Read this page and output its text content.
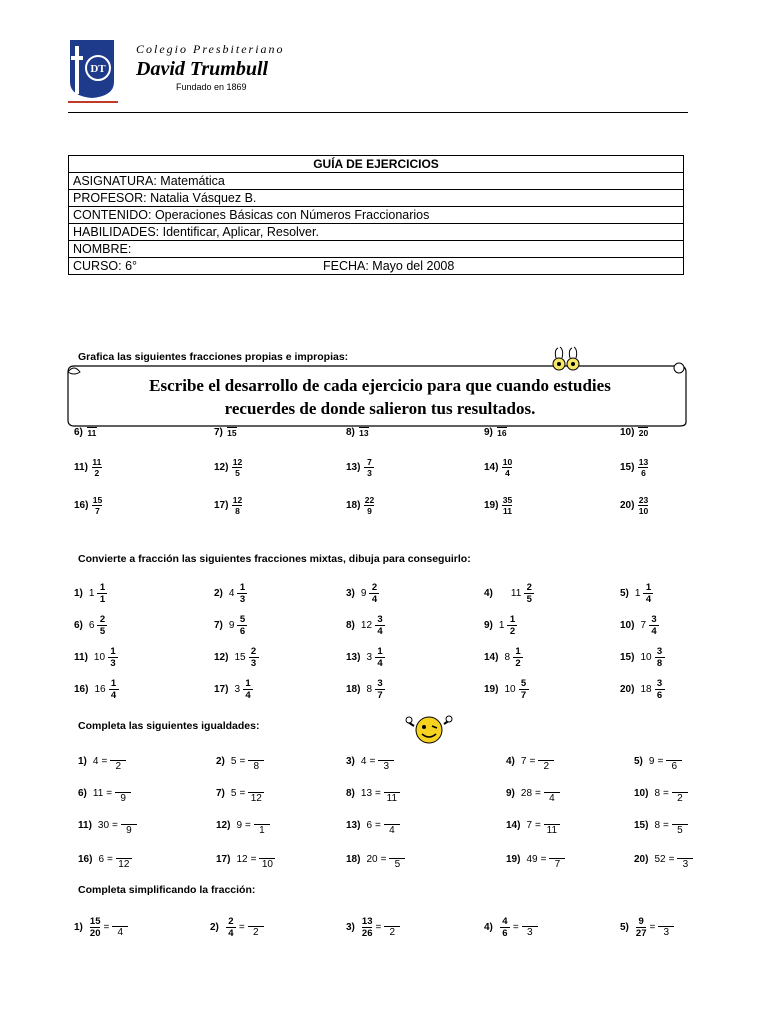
DT
Colegio Presbiteriano
David Trumbull
Fundado en 1869
GUÍA DE EJERCICIOS
ASIGNATURA: Matemática
PROFESOR: Natalia Vásquez B.
CONTENIDO: Operaciones Básicas con Números Fraccionarios
HABILIDADES: Identificar, Aplicar, Resolver.
NOMBRE:
CURSO: 6°	FECHA: Mayo del 2008
Grafica las siguientes fracciones propias e impropias:
6) 11	7) 15	8) 13	9) 16	10) 20
Escribe el desarrollo de cada ejercicio para que cuando estudies
recuerdes de donde salieron tus resultados.
$11) \frac{11}{2}$	$12) \frac{12}{5}$	$13) \frac{7}{3}$	$14) \frac{10}{4}$	$15) \frac{13}{6}$
$16) \frac{15}{7}$	$17) \frac{12}{8}$	$18) \frac{22}{9}$	$19) \frac{35}{11}$	$20) \frac{23}{10}$
Convierte a fracción las siguientes fracciones mixtas, dibuja para conseguirlo:
1) $1 \frac{1}{1}$	2) $4 \frac{1}{3}$	3) $9 \frac{2}{4}$	4) $11 \frac{2}{5}$	5) $1 \frac{1}{4}$
6) $6 \frac{2}{5}$	7) $9 \frac{5}{6}$	8) $12 \frac{3}{4}$	9) $1 \frac{1}{2}$	10) $7 \frac{3}{4}$
11) $10 \frac{1}{3}$	12) $15 \frac{2}{3}$	13) $3 \frac{1}{4}$	14) $8 \frac{1}{2}$	15) $10 \frac{3}{8}$
16) $16 \frac{1}{4}$	17) $3 \frac{1}{4}$	18) $8 \frac{3}{7}$	19) $10 \frac{5}{7}$	20) $18 \frac{3}{6}$
Completa las siguientes igualdades:
1) 4 = 2	2) 5 = 8	3) 4 = 3	4) 7 = 2	5) 9 = 6
6) 11 = 9	7) 5 = 12	8) 13 = 11	9) 28 = 4	10) 8 = 2
11) 30 = 9	12) 9 = 1	13) 6 = 4	14) 7 = 11	15) 8 = 5
16) 6 = 12	17) 12 = 10	18) 20 = 5	19) 49 = 7	20) 52 = 3
Completa simplificando la fracción:
$1) \frac{15}{20} = 4$	$2) \frac{2}{4} = 2$	$3) \frac{13}{26} = 2$	$4) \frac{4}{6} = 3$	$5) \frac{9}{27} = 3$
